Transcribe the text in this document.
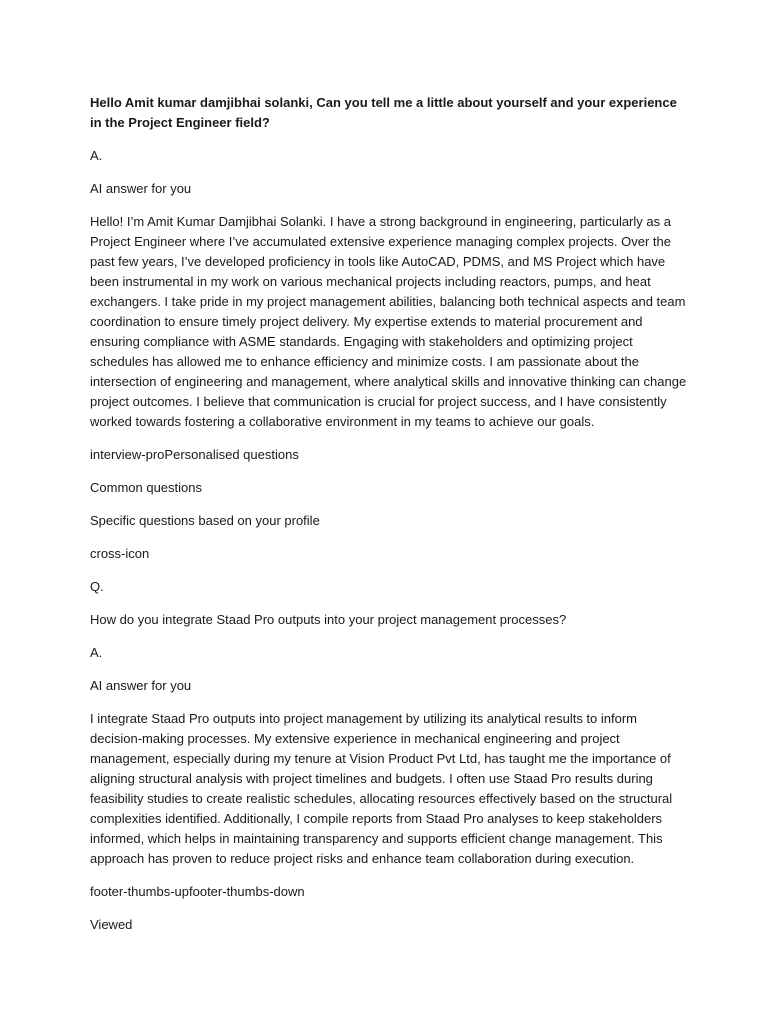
Hello Amit kumar damjibhai solanki, Can you tell me a little about yourself and your experience in the Project Engineer field?

A.

AI answer for you

Hello! I’m Amit Kumar Damjibhai Solanki. I have a strong background in engineering, particularly as a Project Engineer where I’ve accumulated extensive experience managing complex projects. Over the past few years, I’ve developed proficiency in tools like AutoCAD, PDMS, and MS Project which have been instrumental in my work on various mechanical projects including reactors, pumps, and heat exchangers. I take pride in my project management abilities, balancing both technical aspects and team coordination to ensure timely project delivery. My expertise extends to material procurement and ensuring compliance with ASME standards. Engaging with stakeholders and optimizing project schedules has allowed me to enhance efficiency and minimize costs. I am passionate about the intersection of engineering and management, where analytical skills and innovative thinking can change project outcomes. I believe that communication is crucial for project success, and I have consistently worked towards fostering a collaborative environment in my teams to achieve our goals.

interview-proPersonalised questions

Common questions

Specific questions based on your profile

cross-icon

Q.

How do you integrate Staad Pro outputs into your project management processes?

A.

AI answer for you

I integrate Staad Pro outputs into project management by utilizing its analytical results to inform decision-making processes. My extensive experience in mechanical engineering and project management, especially during my tenure at Vision Product Pvt Ltd, has taught me the importance of aligning structural analysis with project timelines and budgets. I often use Staad Pro results during feasibility studies to create realistic schedules, allocating resources effectively based on the structural complexities identified. Additionally, I compile reports from Staad Pro analyses to keep stakeholders informed, which helps in maintaining transparency and supports efficient change management. This approach has proven to reduce project risks and enhance team collaboration during execution.

footer-thumbs-upfooter-thumbs-down

Viewed
